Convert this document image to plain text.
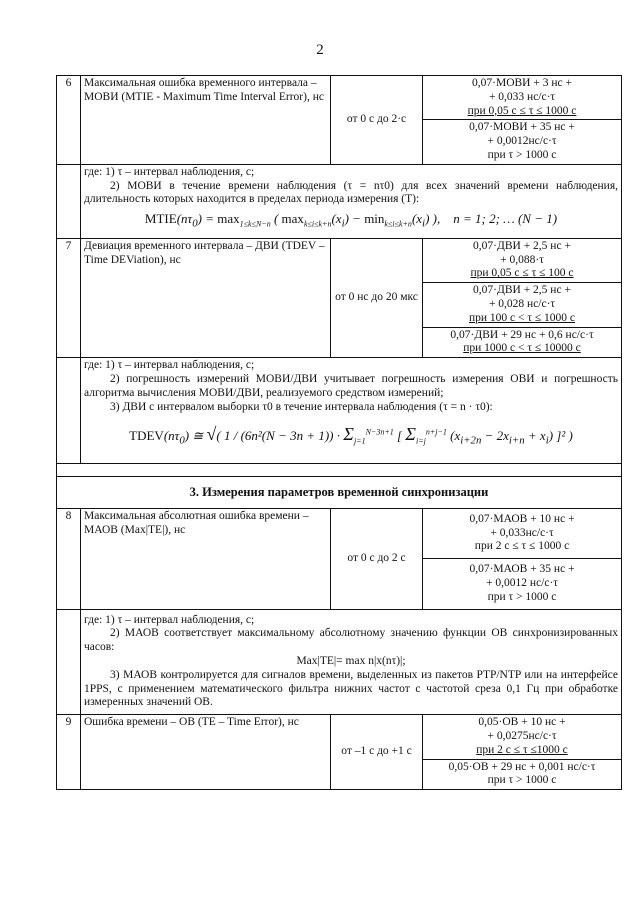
2
6	Максимальная ошибка временного интервала – МОВИ (MTIE - Maximum Time Interval Error), нс	от 0 с до 2·с	0,07·МОВИ + 3 нс +
+ 0,033 нс/с·τ
при 0,05 с ≤ τ ≤ 1000 с

			0,07·МОВИ + 35 нс +
+ 0,0012нс/с·τ
при τ > 1000 с

	где: 1) τ – интервал наблюдения, с;

2) МОВИ в течение времени наблюдения (τ = nτ0) для всех значений времени наблюдения, длительность которых находится в пределах периода измерения (T):

$MTIE(n\tau_0) = \max_{1\le k\le N-n}$ ( $\max_{k\le i\le k+n}(x_i) - \min_{k\le i\le k+n}(x_i)$ ),    n = 1; 2; … (N − 1)		

7	Девиация временного интервала – ДВИ (TDEV – Time DEViation), нс	от 0 нс до 20 мкс	0,07·ДВИ + 2,5 нс +
+ 0,088·τ
при 0,05 с ≤ τ ≤ 100 с

			0,07·ДВИ + 2,5 нс +
+ 0,028 нс/с·τ
при 100 с < τ ≤ 1000 с

			0,07·ДВИ + 29 нс + 0,6 нс/с·τ
при 1000 с < τ ≤ 10000 с

	где: 1) τ – интервал наблюдения, с;

2) погрешность измерений МОВИ/ДВИ учитывает погрешность измерения ОВИ и погрешность алгоритма вычисления МОВИ/ДВИ, реализуемого средством измерений;

3) ДВИ с интервалом выборки τ0 в течение интервала наблюдения (τ = n · τ0):

$TDEV(n\tau_0)$ ≅ √( $1 / (6n^2(N - 3n + 1)) \cdot \Sigma_{j=1}^{N-3n+1}$ [ $\Sigma_{i=j}^{n+j-1}$ $(x_{i+2n} - 2x_{i+n} + x_i)$ ]² )		

3. Измерения параметров временной синхронизации			
8	Максимальная абсолютная ошибка времени – МАОВ (Max|TE|), нс	от 0 с до 2 с	0,07·МАОВ + 10 нс +
+ 0,033нс/с·τ
при 2 с ≤ τ ≤ 1000 с

			0,07·МАОВ + 35 нс +
+ 0,0012 нс/с·τ
при τ > 1000 с

	где: 1) τ – интервал наблюдения, с;

2) МАОВ соответствует максимальному абсолютному значению функции ОВ синхронизированных часов:

Max|TE|= max n|x(nτ)|;

3) МАОВ контролируется для сигналов времени, выделенных из пакетов PTP/NTP или на интерфейсе 1PPS, с применением математического фильтра нижних частот с частотой среза 0,1 Гц при обработке измеренных значений ОВ.		

9	Ошибка времени – ОВ (TE – Time Error), нс	от –1 с до +1 с	0,05·ОВ + 10 нс +
+ 0,0275нс/с·τ
при 2 с ≤ τ ≤1000 с

			0,05·ОВ + 29 нс + 0,001 нс/с·τ
при τ > 1000 с
